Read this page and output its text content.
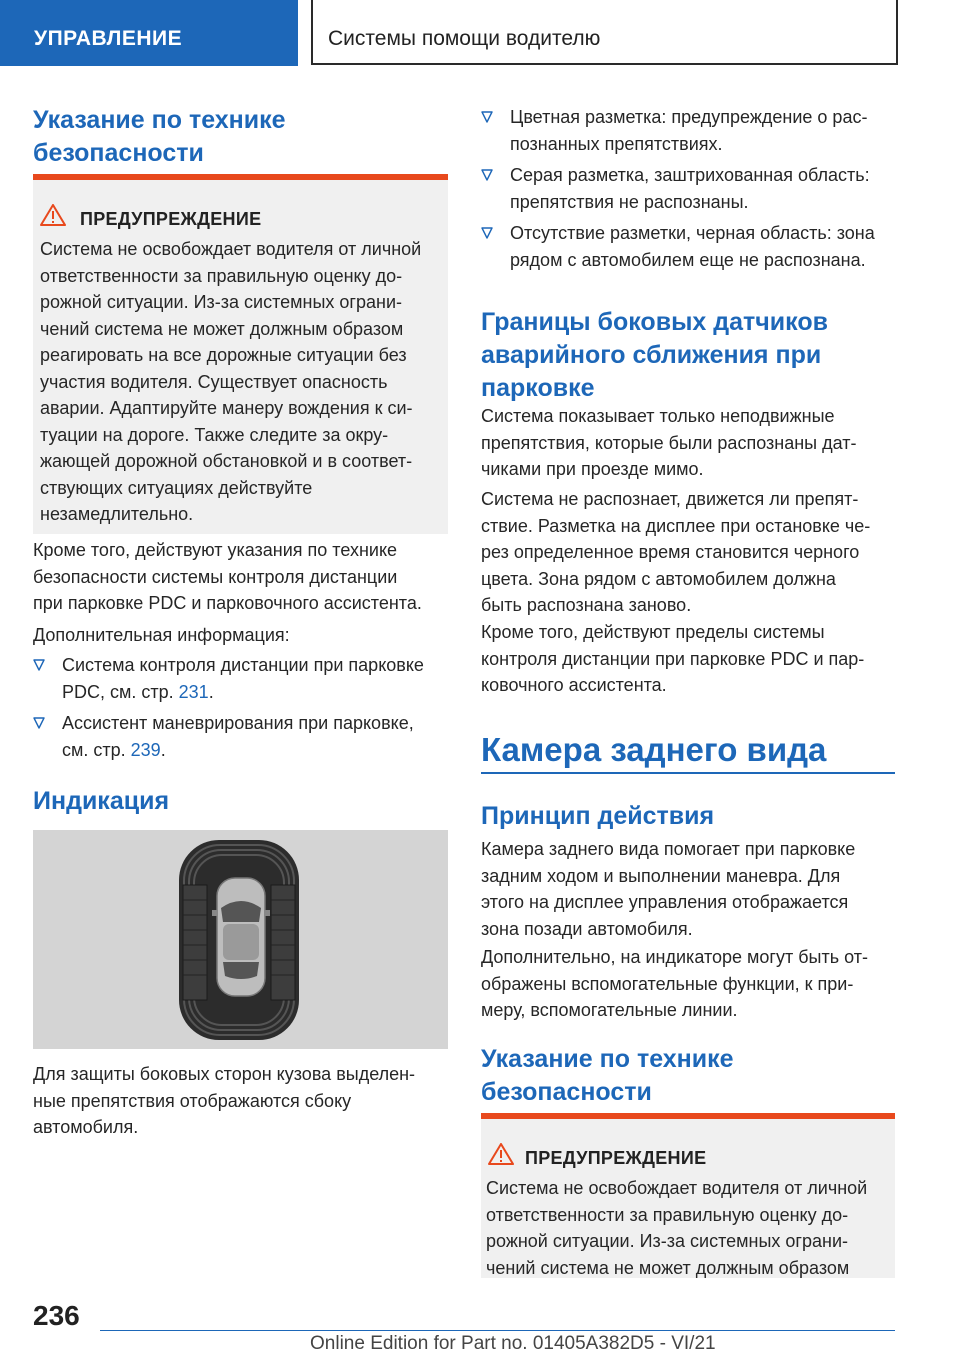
УПРАВЛЕНИЕ	Системы помощи водителю
Указание по технике
безопасности
ПРЕДУПРЕЖДЕНИЕ
Система не освобождает водителя от личной
ответственности за правильную оценку до-
рожной ситуации. Из-за системных ограни-
чений система не может должным образом
реагировать на все дорожные ситуации без
участия водителя. Существует опасность
аварии. Адаптируйте манеру вождения к си-
туации на дороге. Также следите за окру-
жающей дорожной обстановкой и в соответ-
ствующих ситуациях действуйте
незамедлительно.
Кроме того, действуют указания по технике
безопасности системы контроля дистанции
при парковке PDC и парковочного ассистента.
Дополнительная информация:
Система контроля дистанции при парковке
PDC, см. стр. 231.
Ассистент маневрирования при парковке,
см. стр. 239.
Индикация
Для защиты боковых сторон кузова выделен-
ные препятствия отображаются сбоку
автомобиля.
Цветная разметка: предупреждение о рас-
познанных препятствиях.
Серая разметка, заштрихованная область:
препятствия не распознаны.
Отсутствие разметки, черная область: зона
рядом с автомобилем еще не распознана.
Границы боковых датчиков
аварийного сближения при
парковке
Система показывает только неподвижные
препятствия, которые были распознаны дат-
чиками при проезде мимо.
Система не распознает, движется ли препят-
ствие. Разметка на дисплее при остановке че-
рез определенное время становится черного
цвета. Зона рядом с автомобилем должна
быть распознана заново.
Кроме того, действуют пределы системы
контроля дистанции при парковке PDC и пар-
ковочного ассистента.
Камера заднего вида
Принцип действия
Камера заднего вида помогает при парковке
задним ходом и выполнении маневра. Для
этого на дисплее управления отображается
зона позади автомобиля.
Дополнительно, на индикаторе могут быть от-
ображены вспомогательные функции, к при-
меру, вспомогательные линии.
Указание по технике
безопасности
ПРЕДУПРЕЖДЕНИЕ
Система не освобождает водителя от личной
ответственности за правильную оценку до-
рожной ситуации. Из-за системных ограни-
чений система не может должным образом
236
Online Edition for Part no. 01405A382D5 - VI/21
